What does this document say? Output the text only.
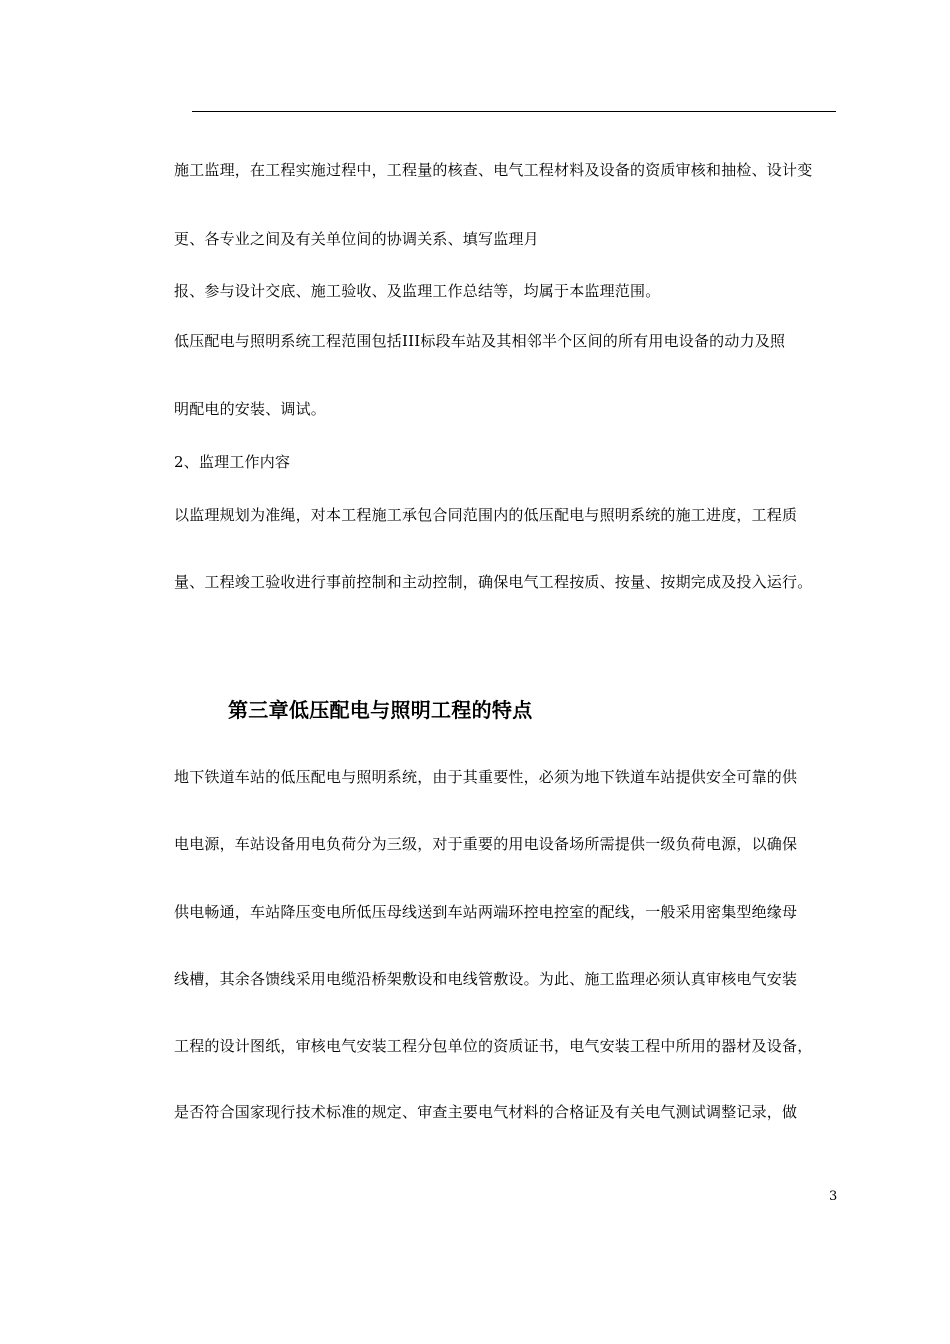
施工监理，在工程实施过程中，工程量的核查、电气工程材料及设备的资质审核和抽检、设计变
更、各专业之间及有关单位间的协调关系、填写监理月
报、参与设计交底、施工验收、及监理工作总结等，均属于本监理范围。
低压配电与照明系统工程范围包括III标段车站及其相邻半个区间的所有用电设备的动力及照
明配电的安装、调试。
2、监理工作内容
以监理规划为准绳，对本工程施工承包合同范围内的低压配电与照明系统的施工进度，工程质
量、工程竣工验收进行事前控制和主动控制，确保电气工程按质、按量、按期完成及投入运行。
第三章低压配电与照明工程的特点
地下铁道车站的低压配电与照明系统，由于其重要性，必须为地下铁道车站提供安全可靠的供
电电源，车站设备用电负荷分为三级，对于重要的用电设备场所需提供一级负荷电源，以确保
供电畅通，车站降压变电所低压母线送到车站两端环控电控室的配线，一般采用密集型绝缘母
线槽，其余各馈线采用电缆沿桥架敷设和电线管敷设。为此、施工监理必须认真审核电气安装
工程的设计图纸，审核电气安装工程分包单位的资质证书，电气安装工程中所用的器材及设备，
是否符合国家现行技术标准的规定、审查主要电气材料的合格证及有关电气测试调整记录，做
3
